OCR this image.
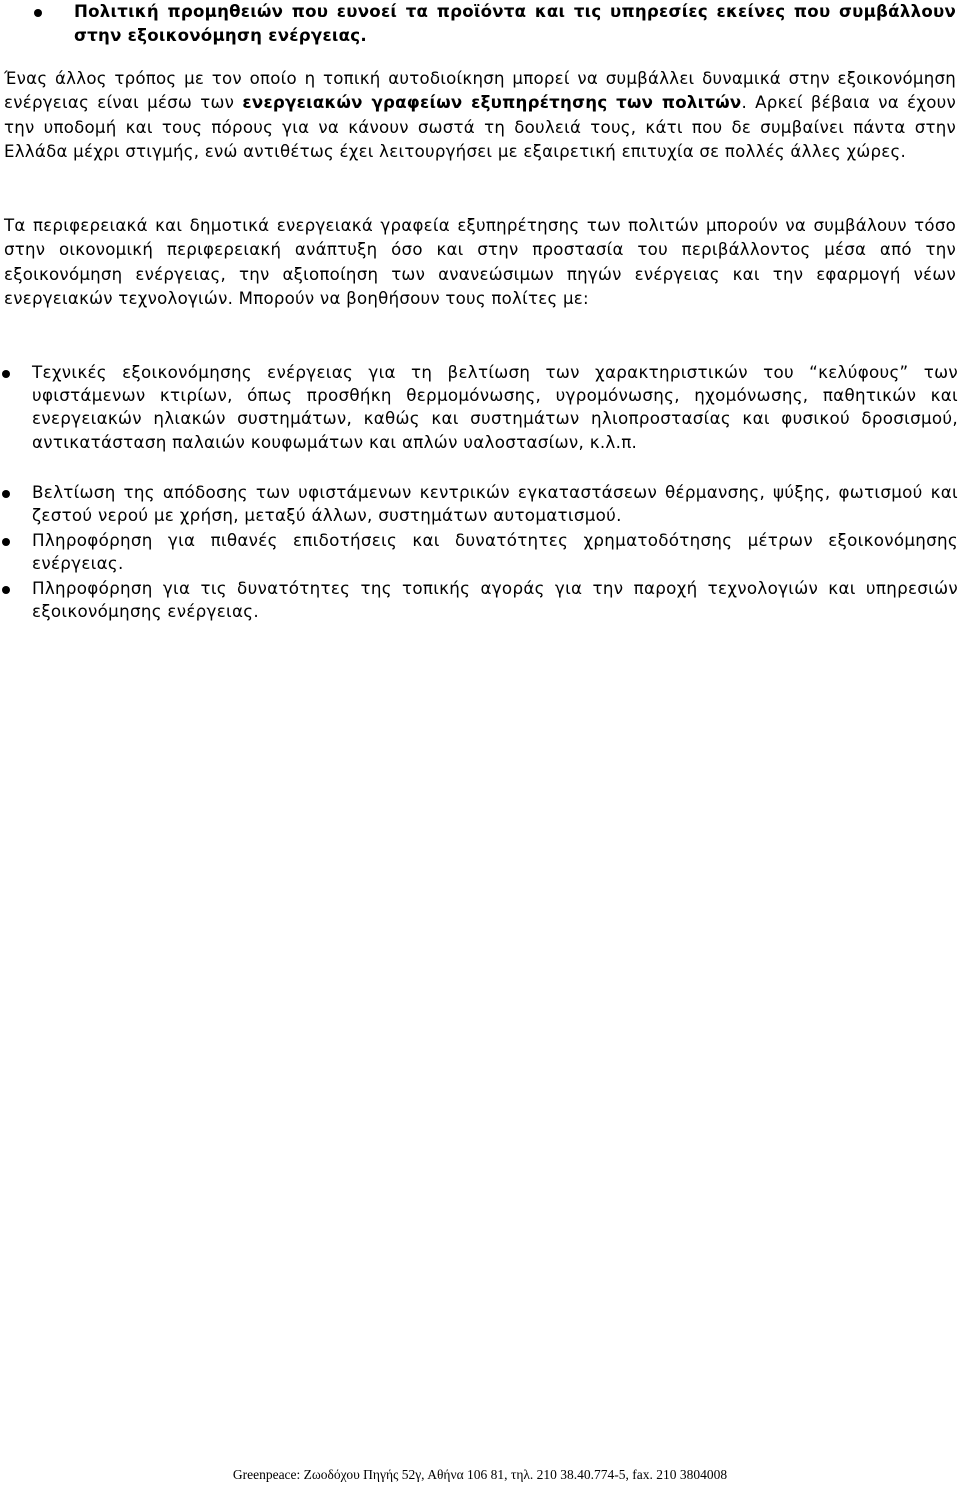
Πολιτική προμηθειών που ευνοεί τα προϊόντα και τις υπηρεσίες εκείνες που συμβάλλουν στην εξοικονόμηση ενέργειας.
Ένας άλλος τρόπος με τον οποίο η τοπική αυτοδιοίκηση μπορεί να συμβάλλει δυναμικά στην εξοικονόμηση ενέργειας είναι μέσω των ενεργειακών γραφείων εξυπηρέτησης των πολιτών. Αρκεί βέβαια να έχουν την υποδομή και τους πόρους για να κάνουν σωστά τη δουλειά τους, κάτι που δε συμβαίνει πάντα στην Ελλάδα μέχρι στιγμής, ενώ αντιθέτως έχει λειτουργήσει με εξαιρετική επιτυχία σε πολλές άλλες χώρες.
Τα περιφερειακά και δημοτικά ενεργειακά γραφεία εξυπηρέτησης των πολιτών μπορούν να συμβάλουν τόσο στην οικονομική περιφερειακή ανάπτυξη όσο και στην προστασία του περιβάλλοντος μέσα από την εξοικονόμηση ενέργειας, την αξιοποίηση των ανανεώσιμων πηγών ενέργειας και την εφαρμογή νέων ενεργειακών τεχνολογιών. Μπορούν να βοηθήσουν τους πολίτες με:
Τεχνικές εξοικονόμησης ενέργειας για τη βελτίωση των χαρακτηριστικών του “κελύφους” των υφιστάμενων κτιρίων, όπως προσθήκη θερμομόνωσης, υγρομόνωσης, ηχομόνωσης, παθητικών και ενεργειακών ηλιακών συστημάτων, καθώς και συστημάτων ηλιοπροστασίας και φυσικού δροσισμού, αντικατάσταση παλαιών κουφωμάτων και απλών υαλοστασίων, κ.λ.π.
Βελτίωση της απόδοσης των υφιστάμενων κεντρικών εγκαταστάσεων θέρμανσης, ψύξης, φωτισμού και ζεστού νερού με χρήση, μεταξύ άλλων, συστημάτων αυτοματισμού.
Πληροφόρηση για πιθανές επιδοτήσεις και δυνατότητες χρηματοδότησης μέτρων εξοικονόμησης ενέργειας.
Πληροφόρηση για τις δυνατότητες της τοπικής αγοράς για την παροχή τεχνολογιών και υπηρεσιών εξοικονόμησης ενέργειας.
Greenpeace: Ζωοδόχου Πηγής 52γ, Αθήνα 106 81, τηλ. 210 38.40.774-5, fax. 210 3804008
